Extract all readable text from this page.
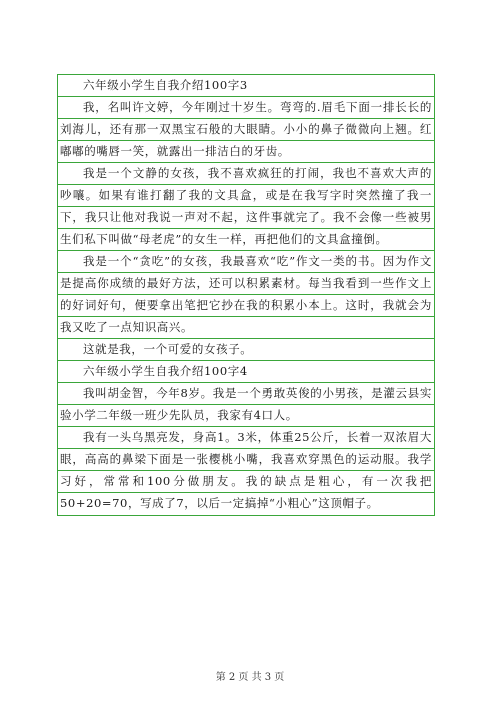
六年级小学生自我介绍100字3

我，名叫许文婷，今年刚过十岁生。弯弯的.眉毛下面一排长长的刘海儿，还有那一双黑宝石般的大眼睛。小小的鼻子微微向上翘。红嘟嘟的嘴唇一笑，就露出一排洁白的牙齿。

我是一个文静的女孩，我不喜欢疯狂的打闹，我也不喜欢大声的吵嚷。如果有谁打翻了我的文具盒，或是在我写字时突然撞了我一下，我只让他对我说一声对不起，这件事就完了。我不会像一些被男生们私下叫做“母老虎”的女生一样，再把他们的文具盒撞倒。

我是一个“贪吃”的女孩，我最喜欢“吃”作文一类的书。因为作文是提高你成绩的最好方法，还可以积累素材。每当我看到一些作文上的好词好句，便要拿出笔把它抄在我的积累小本上。这时，我就会为我又吃了一点知识高兴。

这就是我，一个可爱的女孩子。

六年级小学生自我介绍100字4

我叫胡金智，今年8岁。我是一个勇敢英俊的小男孩，是灌云县实验小学二年级一班少先队员，我家有4口人。

我有一头乌黑亮发，身高1。3米，体重25公斤，长着一双浓眉大眼，高高的鼻梁下面是一张樱桃小嘴，我喜欢穿黑色的运动服。我学习好，常常和100分做朋友。我的缺点是粗心，有一次我把50+20=70，写成了7，以后一定搞掉“小粗心”这顶帽子。

第 2 页 共 3 页
